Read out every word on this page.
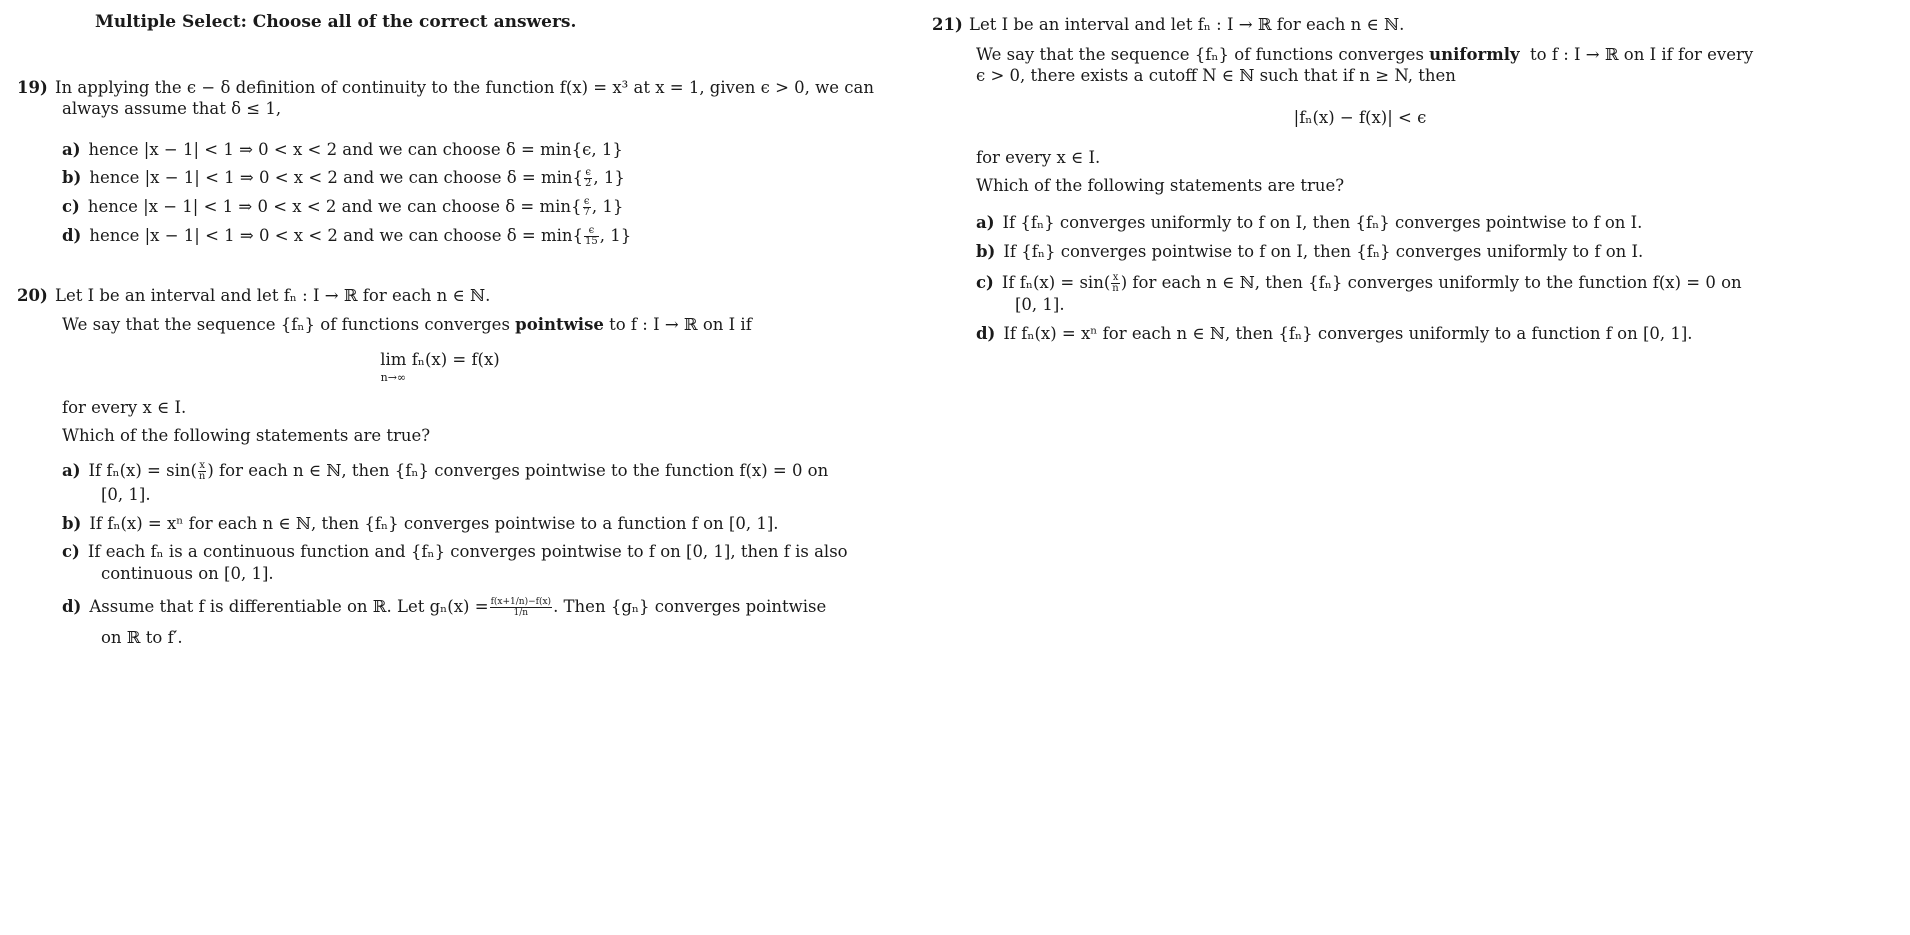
Multiple Select: Choose all of the correct answers.
19) In applying the ϵ − δ definition of continuity to the function f(x) = x³ at x = 1, given ϵ > 0, we can
always assume that δ ≤ 1,
a) hence |x − 1| < 1 ⇒ 0 < x < 2 and we can choose δ = min{ϵ, 1}
b) hence |x − 1| < 1 ⇒ 0 < x < 2 and we can choose $\delta = \min\{ \frac{\epsilon}{2}$ , 1}
c) hence |x − 1| < 1 ⇒ 0 < x < 2 and we can choose $\delta = \min\{ \frac{\epsilon}{7}$ , 1}
d) hence |x − 1| < 1 ⇒ 0 < x < 2 and we can choose $\delta = \min\{ \frac{\epsilon}{15}$ , 1}
20) Let I be an interval and let fₙ : I → ℝ for each n ∈ ℕ.
We say that the sequence {fₙ} of functions converges pointwise to f : I → ℝ on I if
lim
n→∞ fₙ(x) = f(x)
for every x ∈ I.
Which of the following statements are true?
a) If $f_n(x) = \sin( \frac{x}{n}$ ) for each n ∈ ℕ, then {fₙ} converges pointwise to the function f(x) = 0 on
[0, 1].
b) If fₙ(x) = xⁿ for each n ∈ ℕ, then {fₙ} converges pointwise to a function f on [0, 1].
c) If each fₙ is a continuous function and {fₙ} converges pointwise to f on [0, 1], then f is also
continuous on [0, 1].
d) Assume that f is differentiable on ℝ. Let $g_n(x) = \frac{f(x+1/n)-f(x)}{1/n}$ . Then {gₙ} converges pointwise
on ℝ to f′.
21) Let I be an interval and let fₙ : I → ℝ for each n ∈ ℕ.
We say that the sequence {fₙ} of functions converges uniformly to f : I → ℝ on I if for every
ϵ > 0, there exists a cutoff N ∈ ℕ such that if n ≥ N, then
|fₙ(x) − f(x)| < ϵ
for every x ∈ I.
Which of the following statements are true?
a) If {fₙ} converges uniformly to f on I, then {fₙ} converges pointwise to f on I.
b) If {fₙ} converges pointwise to f on I, then {fₙ} converges uniformly to f on I.
c) If $f_n(x) = \sin( \frac{x}{n}$ ) for each n ∈ ℕ, then {fₙ} converges uniformly to the function f(x) = 0 on
[0, 1].
d) If fₙ(x) = xⁿ for each n ∈ ℕ, then {fₙ} converges uniformly to a function f on [0, 1].
